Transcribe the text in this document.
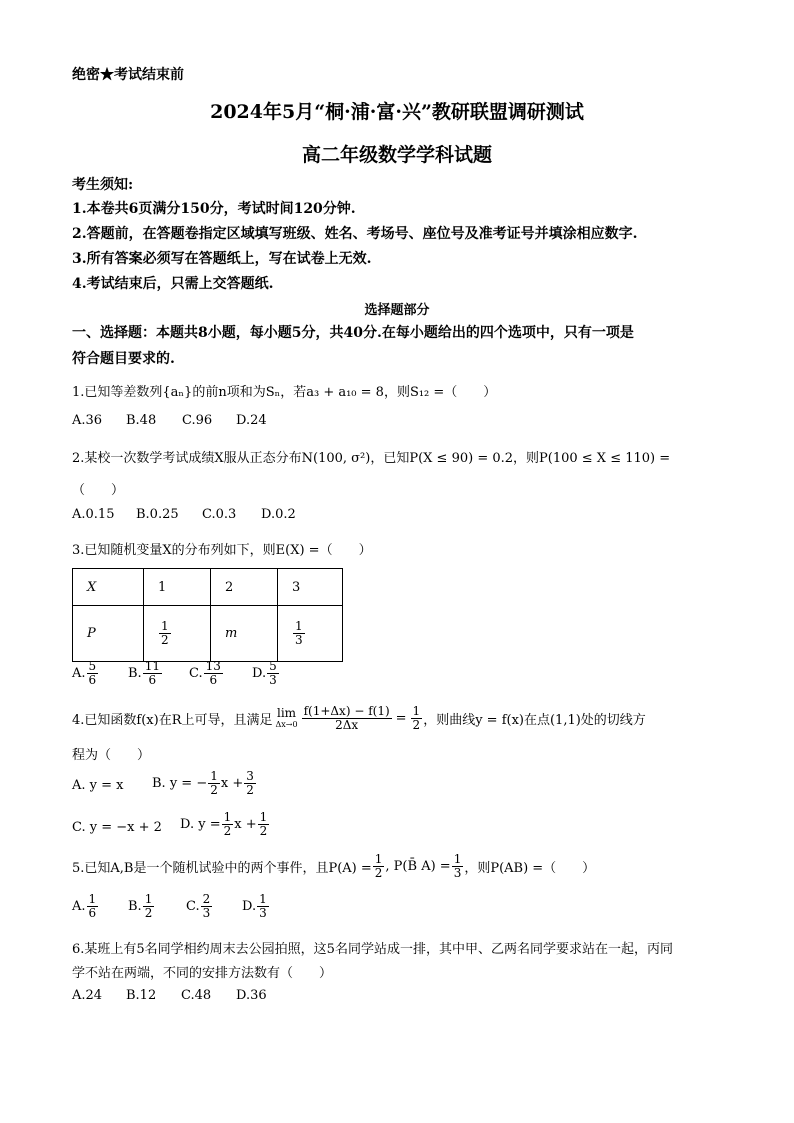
绝密★考试结束前
2024年5月“桐·浦·富·兴”教研联盟调研测试
高二年级数学学科试题
考生须知:
1.本卷共6页满分150分，考试时间120分钟.
2.答题前，在答题卷指定区域填写班级、姓名、考场号、座位号及准考证号并填涂相应数字.
3.所有答案必须写在答题纸上，写在试卷上无效.
4.考试结束后，只需上交答题纸.
选择题部分
一、选择题：本题共8小题，每小题5分，共40分.在每小题给出的四个选项中，只有一项是
符合题目要求的.
1.已知等差数列{aₙ}的前n项和为Sₙ，若a₃ + a₁₀ = 8，则S₁₂ =（　　）
A.36 B.48 C.96 D.24
2.某校一次数学考试成绩X服从正态分布N(100, σ²)，已知P(X ≤ 90) = 0.2，则P(100 ≤ X ≤ 110) =
（　　）
A.0.15 B.0.25 C.0.3 D.0.2
3.已知随机变量X的分布列如下，则E(X) =（　　）
X	1	2	3
P	$\frac{1}{2}$	m	$\frac{1}{3}$
A. $\frac{5}{6} B$. $\frac{11}{6} C$. $\frac{13}{6} D$. $\frac{5}{3}$
4.已知函数f(x)在R上可导，且满足
lim
$\Delta x\to 0 \frac{f(1+\Delta x) - f(1)}{2\Delta x} = \frac{1}{2}$ ，则曲线y = f(x)在点(1,1)处的切线方
程为（　　）
A. y = x B. y = − $\frac{1}{2}$ $x + \frac{3}{2}$
C. y = −x + 2 D. $y = \frac{1}{2}$ $x + \frac{1}{2}$
5.已知A,B是一个随机试验中的两个事件，且$P(A) = \frac{1}{2}$ , P(B̄ $A) = \frac{1}{3}$ ，则P(AB) =（　　）
A. $\frac{1}{6} B$. $\frac{1}{2} C$. $\frac{2}{3} D$. $\frac{1}{3}$
6.某班上有5名同学相约周末去公园拍照，这5名同学站成一排，其中甲、乙两名同学要求站在一起，丙同
学不站在两端，不同的安排方法数有（　　）
A.24 B.12 C.48 D.36
